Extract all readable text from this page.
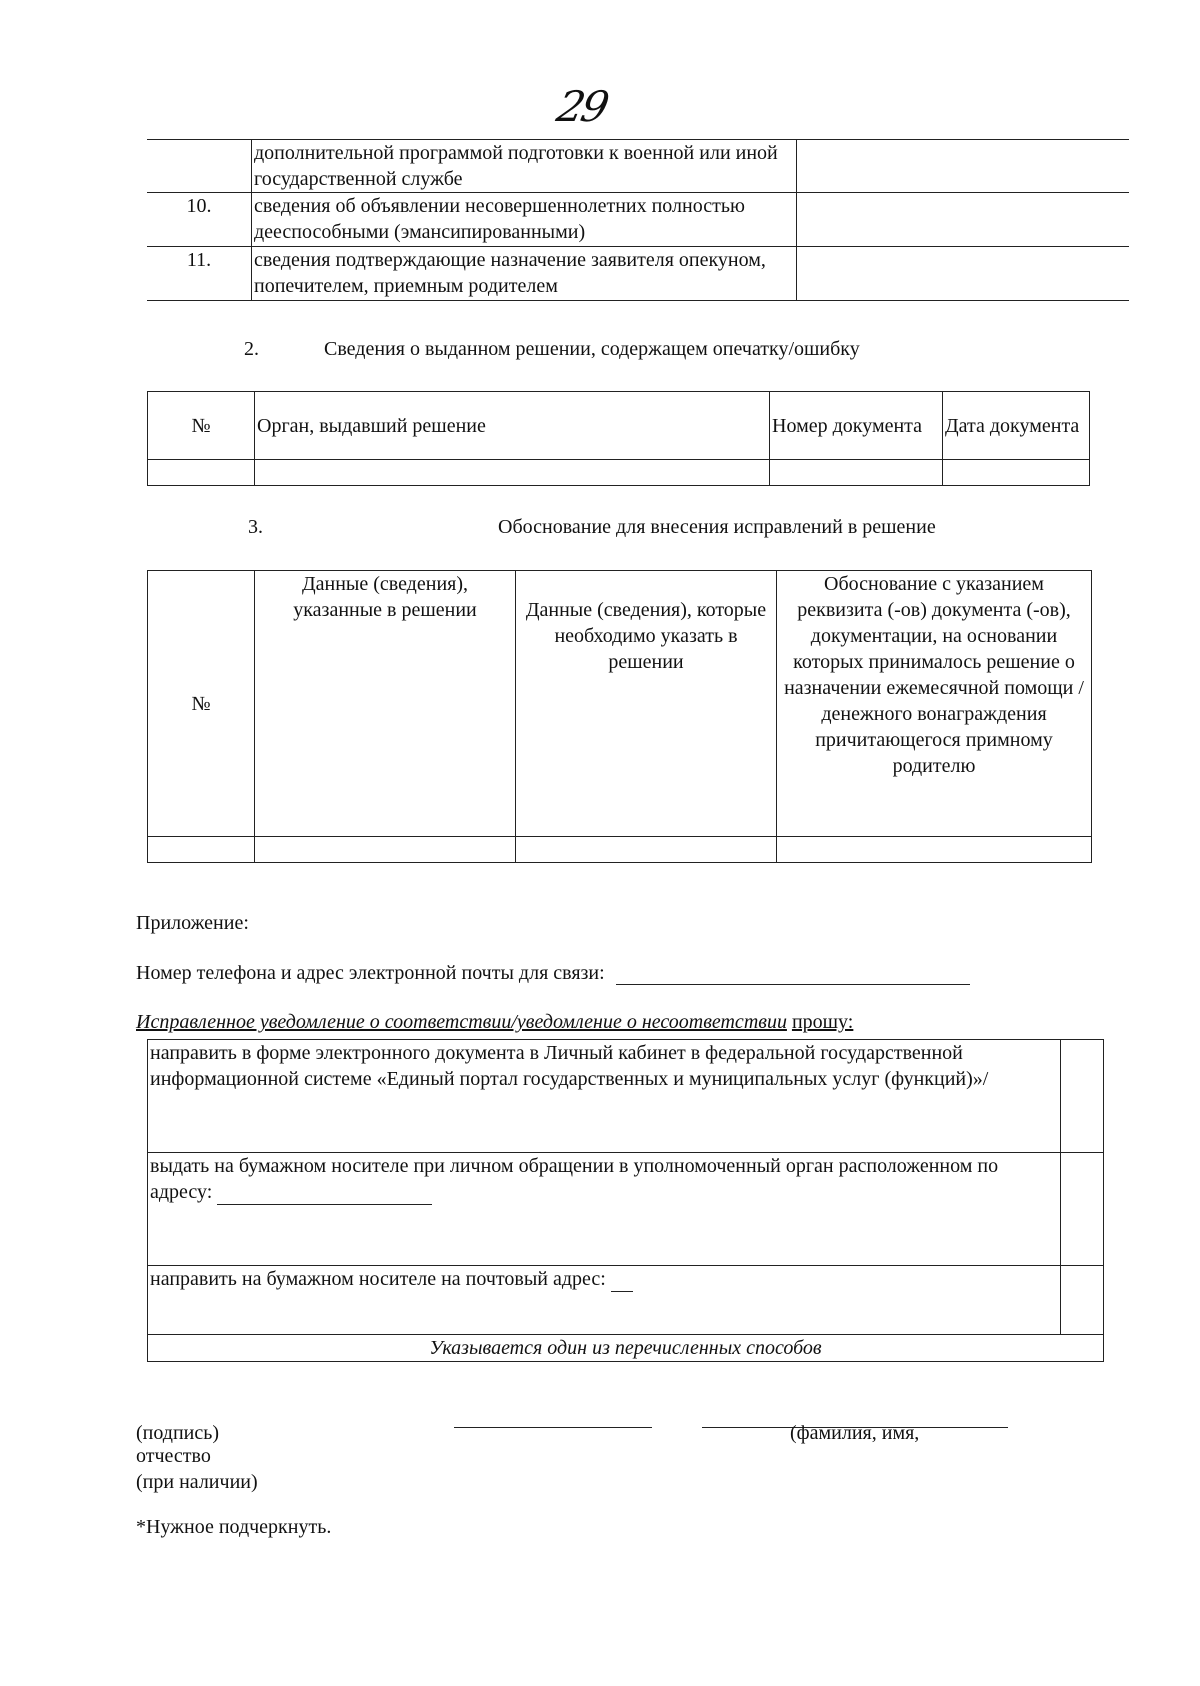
29
	дополнительной программой подготовки к военной или иной государственной службе	
10.	сведения об объявлении несовершеннолетних полностью дееспособными (эмансипированными)	
11.	сведения подтверждающие назначение заявителя опекуном, попечителем, приемным родителем	
2.	Сведения о выданном решении, содержащем опечатку/ошибку
№	Орган, выдавший решение	Номер документа	Дата документа

3.	Обоснование для внесения исправлений в решение
№	Данные (сведения), указанные в решении	Данные (сведения), которые необходимо указать в решении	Обоснование с указанием реквизита (-ов) документа (-ов), документации, на основании которых принималось решение о назначении ежемесячной помощи /денежного вонаграждения причитающегося примному родителю

Приложение:
Номер телефона и адрес электронной почты для связи:
Исправленное уведомление о соответствии/уведомление о несоответствии прошу:
направить в форме электронного документа в Личный кабинет в федеральной государственной информационной системе «Единый портал государственных и муниципальных услуг (функций)»/	
выдать на бумажном носителе при личном обращении в уполномоченный орган расположенном по адресу:	
направить на бумажном носителе на почтовый адрес:	
Указывается один из перечисленных способов	
(подпись)
отчество
(при наличии)
(фамилия, имя,
*Нужное подчеркнуть.
